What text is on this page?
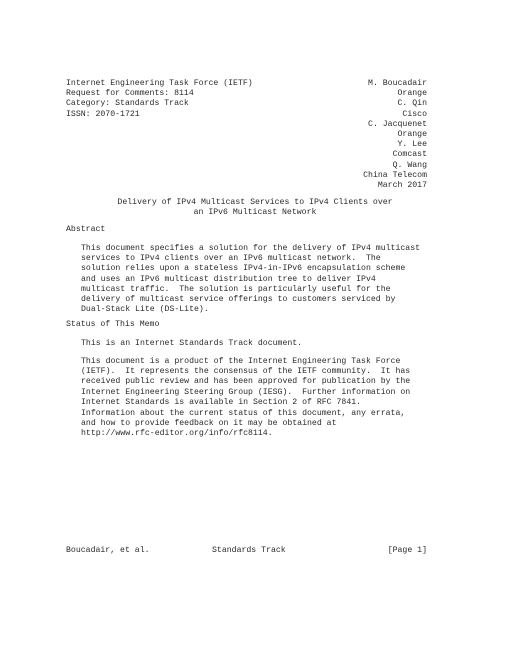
Internet Engineering Task Force (IETF)
Request for Comments: 8114
Category: Standards Track
ISSN: 2070-1721
M. Boucadair
Orange
C. Qin
Cisco
C. Jacquenet
Orange
Y. Lee
Comcast
Q. Wang
China Telecom
March 2017
Delivery of IPv4 Multicast Services to IPv4 Clients over
an IPv6 Multicast Network
Abstract
This document specifies a solution for the delivery of IPv4 multicast
services to IPv4 clients over an IPv6 multicast network.  The
solution relies upon a stateless IPv4-in-IPv6 encapsulation scheme
and uses an IPv6 multicast distribution tree to deliver IPv4
multicast traffic.  The solution is particularly useful for the
delivery of multicast service offerings to customers serviced by
Dual-Stack Lite (DS-Lite).
Status of This Memo
This is an Internet Standards Track document.
This document is a product of the Internet Engineering Task Force
(IETF).  It represents the consensus of the IETF community.  It has
received public review and has been approved for publication by the
Internet Engineering Steering Group (IESG).  Further information on
Internet Standards is available in Section 2 of RFC 7841.
Information about the current status of this document, any errata,
and how to provide feedback on it may be obtained at
http://www.rfc-editor.org/info/rfc8114.
Boucadair, et al.	Standards Track	[Page 1]
